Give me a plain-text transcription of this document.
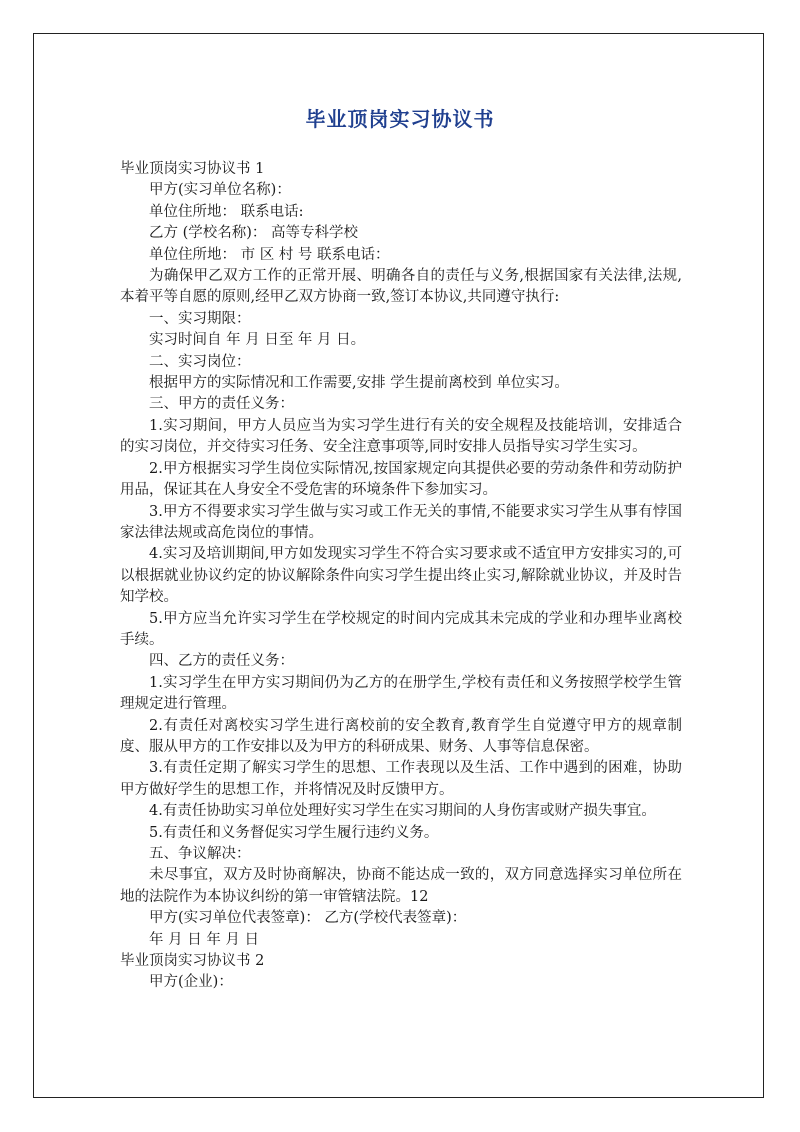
毕业顶岗实习协议书

毕业顶岗实习协议书 1

甲方(实习单位名称)：

单位住所地： 联系电话:

乙方 (学校名称)： 高等专科学校

单位住所地： 市 区 村 号 联系电话：

为确保甲乙双方工作的正常开展、明确各自的责任与义务,根据国家有关法律,法规,本着平等自愿的原则,经甲乙双方协商一致,签订本协议,共同遵守执行:

一、实习期限：

实习时间自 年 月 日至 年 月 日。

二、实习岗位：

根据甲方的实际情况和工作需要,安排 学生提前离校到 单位实习。

三、甲方的责任义务：

1.实习期间，甲方人员应当为实习学生进行有关的安全规程及技能培训，安排适合的实习岗位，并交待实习任务、安全注意事项等,同时安排人员指导实习学生实习。

2.甲方根据实习学生岗位实际情况,按国家规定向其提供必要的劳动条件和劳动防护用品，保证其在人身安全不受危害的环境条件下参加实习。

3.甲方不得要求实习学生做与实习或工作无关的事情,不能要求实习学生从事有悖国家法律法规或高危岗位的事情。

4.实习及培训期间,甲方如发现实习学生不符合实习要求或不适宜甲方安排实习的,可以根据就业协议约定的协议解除条件向实习学生提出终止实习,解除就业协议，并及时告知学校。

5.甲方应当允许实习学生在学校规定的时间内完成其未完成的学业和办理毕业离校手续。

四、乙方的责任义务：

1.实习学生在甲方实习期间仍为乙方的在册学生,学校有责任和义务按照学校学生管理规定进行管理。

2.有责任对离校实习学生进行离校前的安全教育,教育学生自觉遵守甲方的规章制度、服从甲方的工作安排以及为甲方的科研成果、财务、人事等信息保密。

3.有责任定期了解实习学生的思想、工作表现以及生活、工作中遇到的困难，协助甲方做好学生的思想工作，并将情况及时反馈甲方。

4.有责任协助实习单位处理好实习学生在实习期间的人身伤害或财产损失事宜。

5.有责任和义务督促实习学生履行违约义务。

五、争议解决：

未尽事宜，双方及时协商解决，协商不能达成一致的，双方同意选择实习单位所在地的法院作为本协议纠纷的第一审管辖法院。12

甲方(实习单位代表签章)： 乙方(学校代表签章)：

年 月 日 年 月 日

毕业顶岗实习协议书 2

甲方(企业)：
